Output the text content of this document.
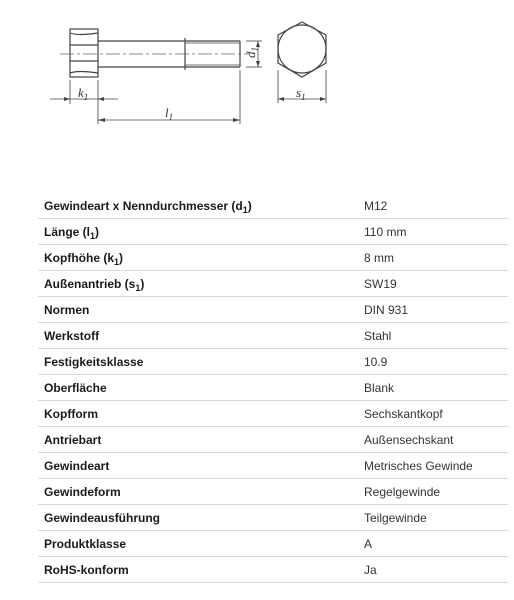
$k_1$
$l_1$
$d_1$
$s_1$
Gewindeart x Nenndurchmesser $(d_1)$	M12
Länge $(l_1)$	110 mm
Kopfhöhe $(k_1)$	8 mm
Außenantrieb $(s_1)$	SW19
Normen	DIN 931
Werkstoff	Stahl
Festigkeitsklasse	10.9
Oberfläche	Blank
Kopfform	Sechskantkopf
Antriebart	Außensechskant
Gewindeart	Metrisches Gewinde
Gewindeform	Regelgewinde
Gewindeausführung	Teilgewinde
Produktklasse	A
RoHS-konform	Ja
